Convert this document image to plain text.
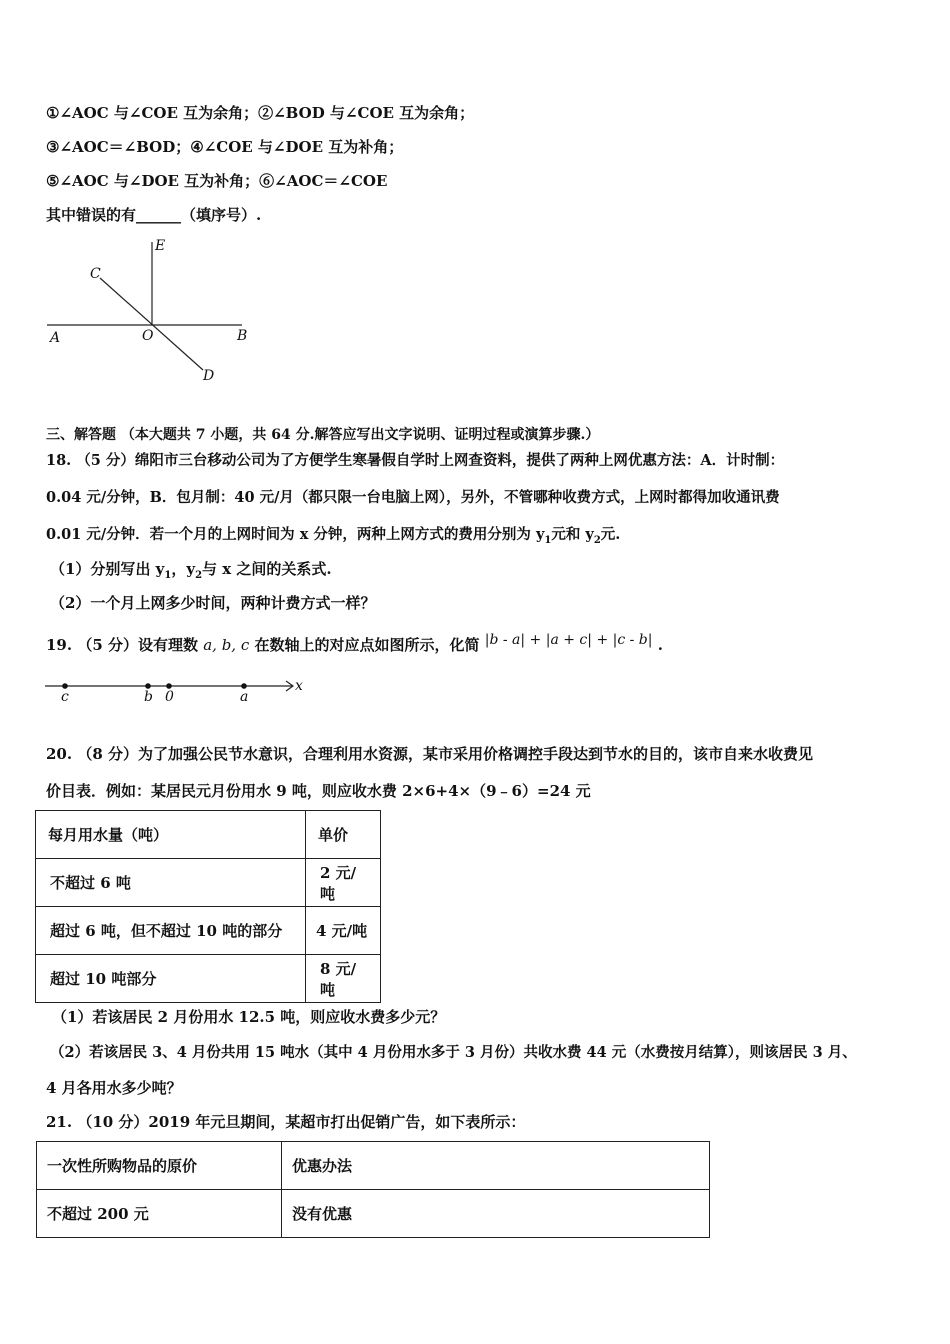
①∠AOC 与∠COE 互为余角；②∠BOD 与∠COE 互为余角；
③∠AOC＝∠BOD；④∠COE 与∠DOE 互为补角；
⑤∠AOC 与∠DOE 互为补角；⑥∠AOC＝∠COE
其中错误的有______（填序号）.
E
C
A	O	B
D
三、解答题 （本大题共 7 小题，共 64 分.解答应写出文字说明、证明过程或演算步骤.）
18. （5 分）绵阳市三台移动公司为了方便学生寒暑假自学时上网查资料，提供了两种上网优惠方法：A．计时制：
0.04 元/分钟，B．包月制：40 元/月（都只限一台电脑上网），另外，不管哪种收费方式，上网时都得加收通讯费
0.01 元/分钟．若一个月的上网时间为 x 分钟，两种上网方式的费用分别为 $y_1$元和 $y_2$元.
（1）分别写出 $y_1$，$y_2$与 x 之间的关系式.
（2）一个月上网多少时间，两种计费方式一样？
19. （5 分）设有理数 a, b, c 在数轴上的对应点如图所示，化简 |b - a| + |a + c| + |c - b| .
c	b 0	a
x
20. （8 分）为了加强公民节水意识，合理利用水资源，某市采用价格调控手段达到节水的目的，该市自来水收费见
价目表．例如：某居民元月份用水 9 吨，则应收水费 2×6+4×（9﹣6）=24 元
每月用水量（吨）	单价
不超过 6 吨	2 元/吨
超过 6 吨，但不超过 10 吨的部分	4 元/吨
超过 10 吨部分	8 元/吨
（1）若该居民 2 月份用水 12.5 吨，则应收水费多少元？
（2）若该居民 3、4 月份共用 15 吨水（其中 4 月份用水多于 3 月份）共收水费 44 元（水费按月结算），则该居民 3 月、
4 月各用水多少吨？
21. （10 分）2019 年元旦期间，某超市打出促销广告，如下表所示：
一次性所购物品的原价	优惠办法
不超过 200 元	没有优惠
